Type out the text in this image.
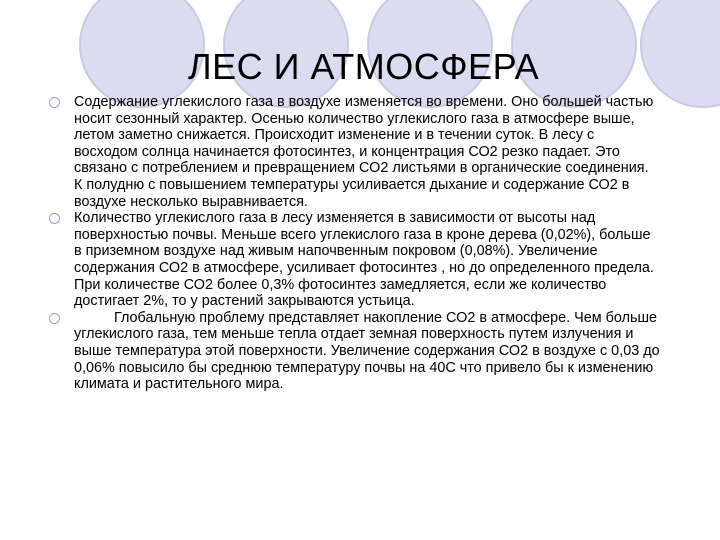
ЛЕС И АТМОСФЕРА
Содержание углекислого газа в воздухе изменяется во времени. Оно большей частью носит сезонный характер. Осенью количество углекислого газа в атмосфере выше, летом заметно снижается. Происходит изменение и в течении суток. В лесу с восходом солнца начинается фотосинтез, и концентрация СО2 резко падает. Это связано с потреблением и превращением СО2 листьями в органические соединения. К полудню с повышением температуры усиливается дыхание и содержание СО2 в воздухе несколько выравнивается.
Количество углекислого газа в лесу изменяется в зависимости от высоты над поверхностью почвы. Меньше всего углекислого газа в кроне дерева (0,02%), больше в приземном воздухе над живым напочвенным покровом (0,08%). Увеличение содержания СО2 в атмосфере, усиливает фотосинтез , но до определенного предела. При количестве СО2 более 0,3% фотосинтез замедляется, если же количество достигает 2%, то у растений закрываются устьица.
Глобальную проблему представляет накопление СО2 в атмосфере. Чем больше углекислого газа, тем меньше тепла отдает земная поверхность путем излучения и выше температура этой поверхности. Увеличение содержания СО2 в воздухе с 0,03 до 0,06% повысило бы среднюю температуру почвы на 40С что привело бы к изменению климата и растительного мира.
